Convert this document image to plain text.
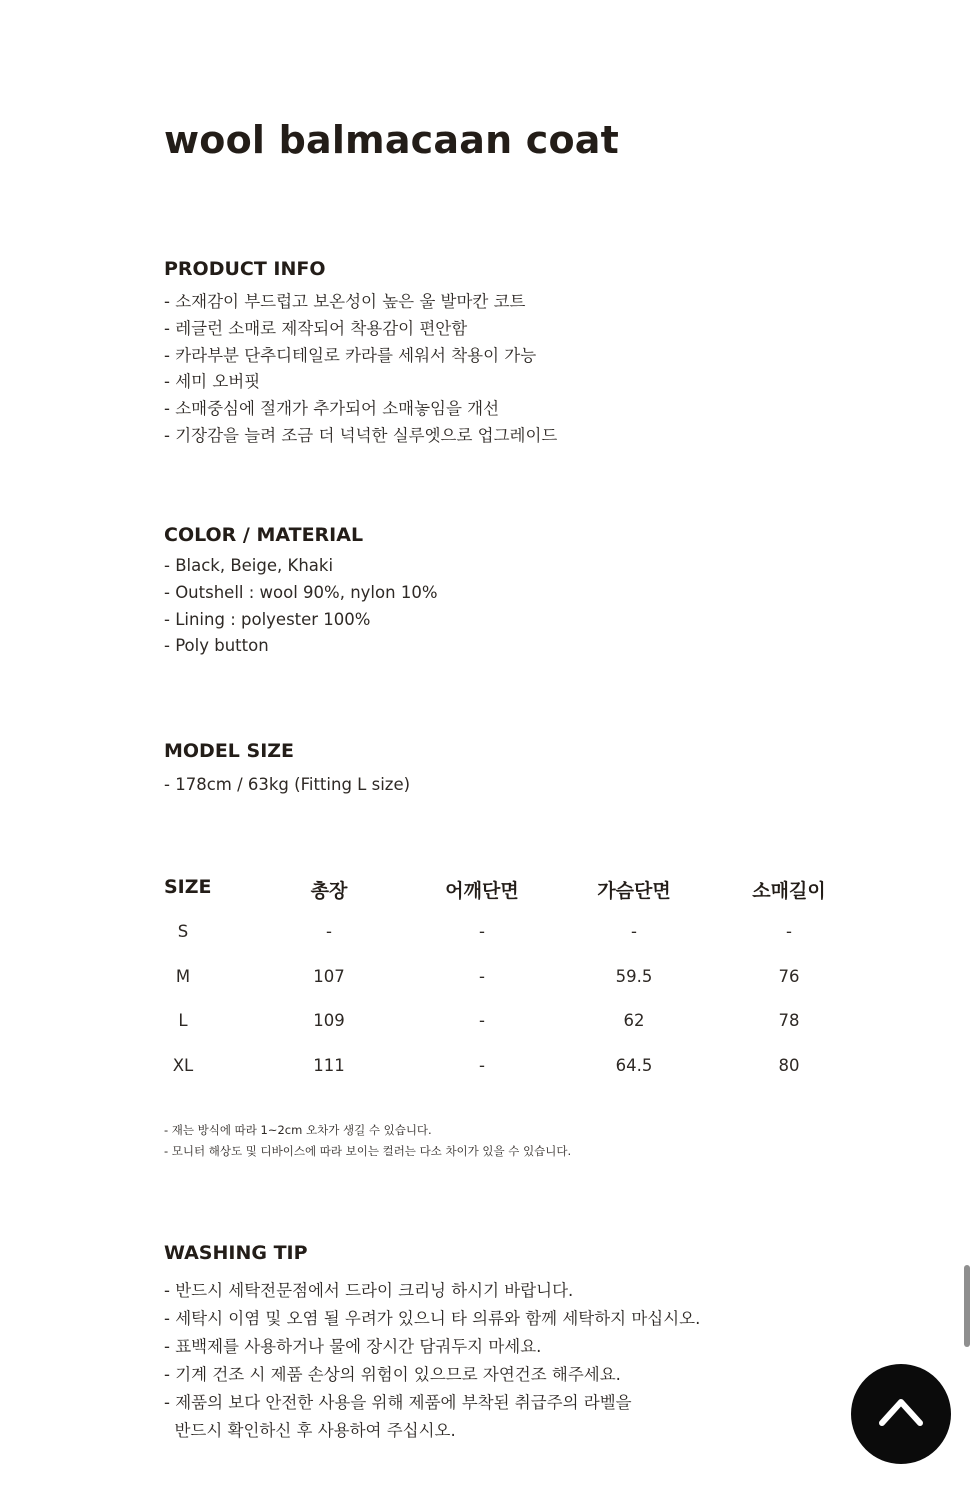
wool balmacaan coat
PRODUCT INFO
- 소재감이 부드럽고 보온성이 높은 울 발마칸 코트
- 레글런 소매로 제작되어 착용감이 편안함
- 카라부분 단추디테일로 카라를 세워서 착용이 가능
- 세미 오버핏
- 소매중심에 절개가 추가되어 소매놓임을 개선
- 기장감을 늘려 조금 더 넉넉한 실루엣으로 업그레이드
COLOR / MATERIAL
- Black, Beige, Khaki
- Outshell : wool 90%, nylon 10%
- Lining : polyester 100%
- Poly button
MODEL SIZE
- 178cm / 63kg (Fitting L size)
SIZE	총장	어깨단면	가슴단면	소매길이
S	-	-	-	-
M	107	-	59.5	76
L	109	-	62	78
XL	111	-	64.5	80
- 재는 방식에 따라 1~2cm 오차가 생길 수 있습니다.
- 모니터 해상도 및 디바이스에 따라 보이는 컬러는 다소 차이가 있을 수 있습니다.
WASHING TIP
- 반드시 세탁전문점에서 드라이 크리닝 하시기 바랍니다.
- 세탁시 이염 및 오염 될 우려가 있으니 타 의류와 함께 세탁하지 마십시오.
- 표백제를 사용하거나 물에 장시간 담궈두지 마세요.
- 기계 건조 시 제품 손상의 위험이 있으므로 자연건조 해주세요.
- 제품의 보다 안전한 사용을 위해 제품에 부착된 취급주의 라벨을
반드시 확인하신 후 사용하여 주십시오.
